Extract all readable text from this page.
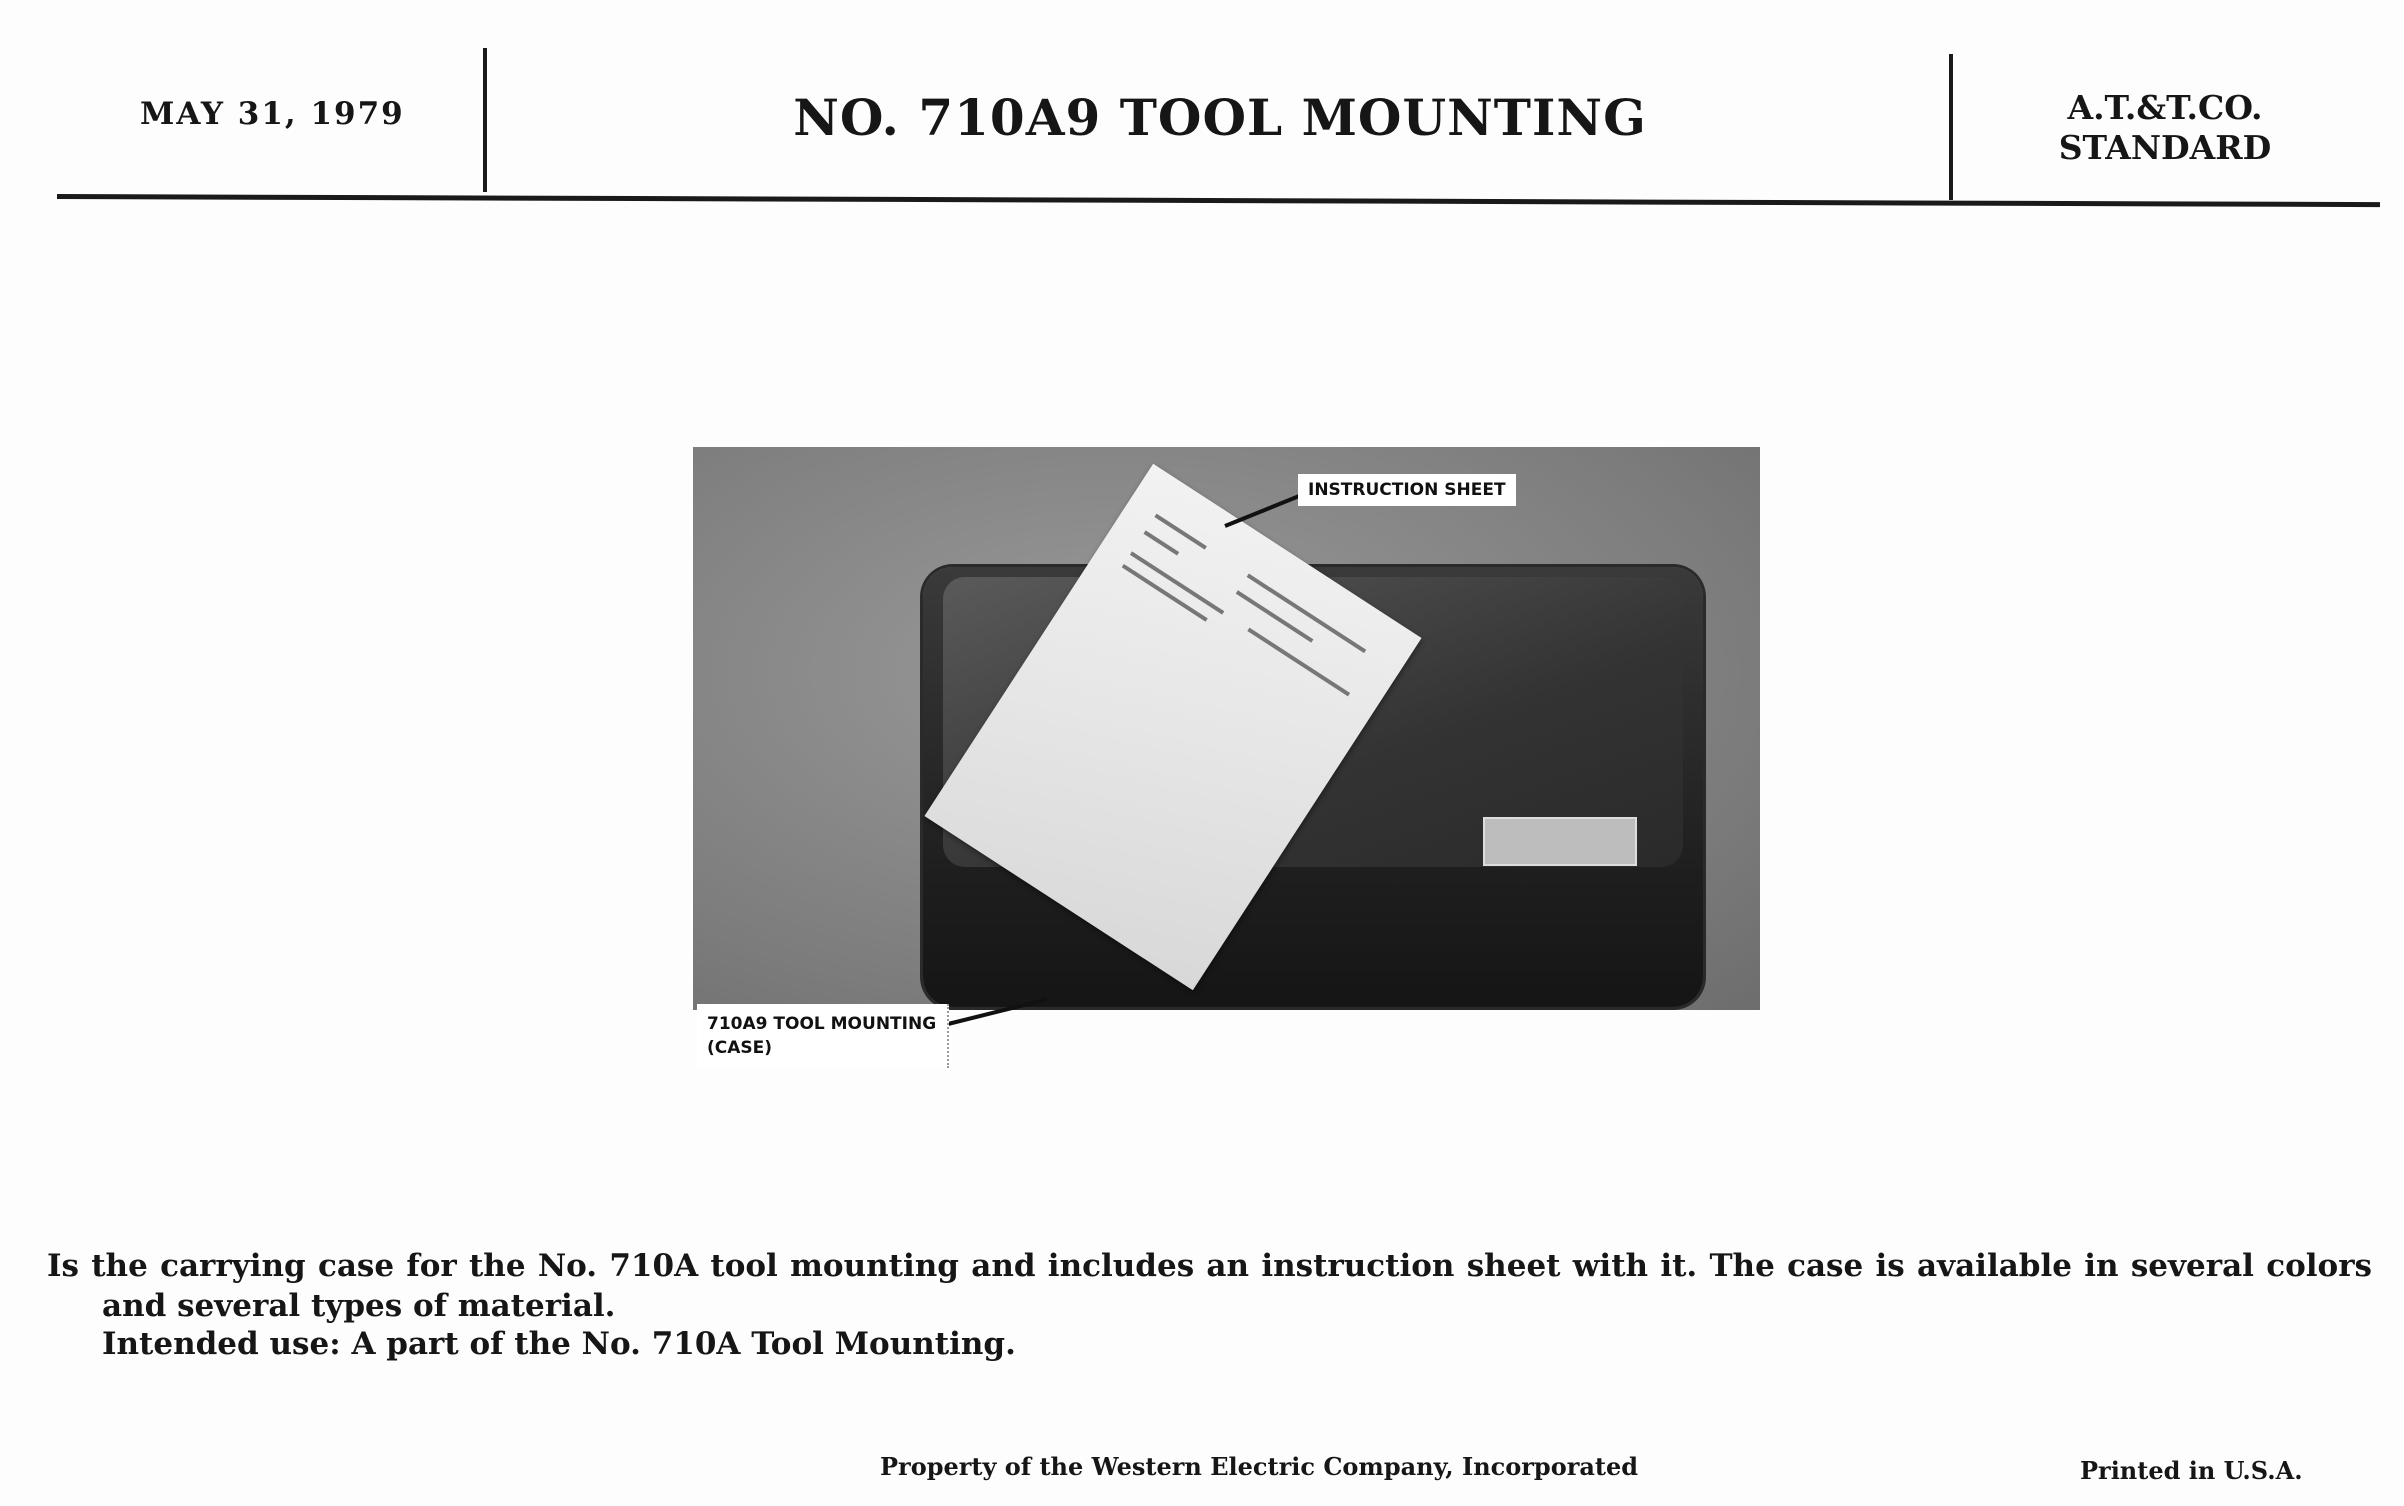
MAY 31, 1979	NO. 710A9 TOOL MOUNTING	A.T.&T.CO.
STANDARD
INSTRUCTION SHEET
710A9 TOOL MOUNTING
(CASE)
Is the carrying case for the No. 710A tool mounting and includes an instruction sheet with it. The case is available in several colors and several types of material.
Intended use: A part of the No. 710A Tool Mounting.
Property of the Western Electric Company, Incorporated	Printed in U.S.A.
